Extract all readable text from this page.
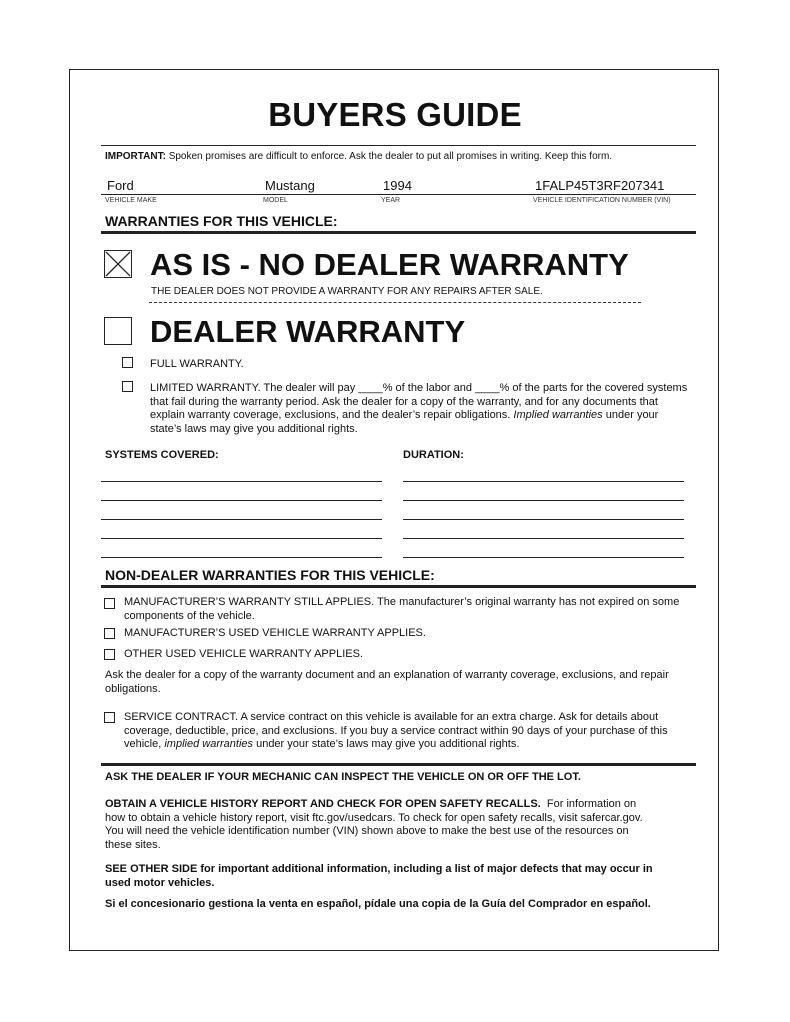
BUYERS GUIDE
IMPORTANT: Spoken promises are difficult to enforce. Ask the dealer to put all promises in writing. Keep this form.
Ford	Mustang	1994	1FALP45T3RF207341
VEHICLE MAKE	MODEL	YEAR	VEHICLE IDENTIFICATION NUMBER (VIN)
WARRANTIES FOR THIS VEHICLE:
AS IS - NO DEALER WARRANTY
THE DEALER DOES NOT PROVIDE A WARRANTY FOR ANY REPAIRS AFTER SALE.
DEALER WARRANTY
FULL WARRANTY.
LIMITED WARRANTY. The dealer will pay ____% of the labor and ____% of the parts for the covered systems
that fail during the warranty period. Ask the dealer for a copy of the warranty, and for any documents that
explain warranty coverage, exclusions, and the dealer’s repair obligations. Implied warranties under your
state’s laws may give you additional rights.
SYSTEMS COVERED:	DURATION:
NON-DEALER WARRANTIES FOR THIS VEHICLE:
MANUFACTURER’S WARRANTY STILL APPLIES. The manufacturer’s original warranty has not expired on some
components of the vehicle.
MANUFACTURER’S USED VEHICLE WARRANTY APPLIES.
OTHER USED VEHICLE WARRANTY APPLIES.
Ask the dealer for a copy of the warranty document and an explanation of warranty coverage, exclusions, and repair
obligations.
SERVICE CONTRACT. A service contract on this vehicle is available for an extra charge. Ask for details about
coverage, deductible, price, and exclusions. If you buy a service contract within 90 days of your purchase of this
vehicle, implied warranties under your state’s laws may give you additional rights.
ASK THE DEALER IF YOUR MECHANIC CAN INSPECT THE VEHICLE ON OR OFF THE LOT.
OBTAIN A VEHICLE HISTORY REPORT AND CHECK FOR OPEN SAFETY RECALLS. For information on
how to obtain a vehicle history report, visit ftc.gov/usedcars. To check for open safety recalls, visit safercar.gov.
You will need the vehicle identification number (VIN) shown above to make the best use of the resources on
these sites.
SEE OTHER SIDE for important additional information, including a list of major defects that may occur in
used motor vehicles.
Si el concesionario gestiona la venta en español, pídale una copia de la Guía del Comprador en español.
